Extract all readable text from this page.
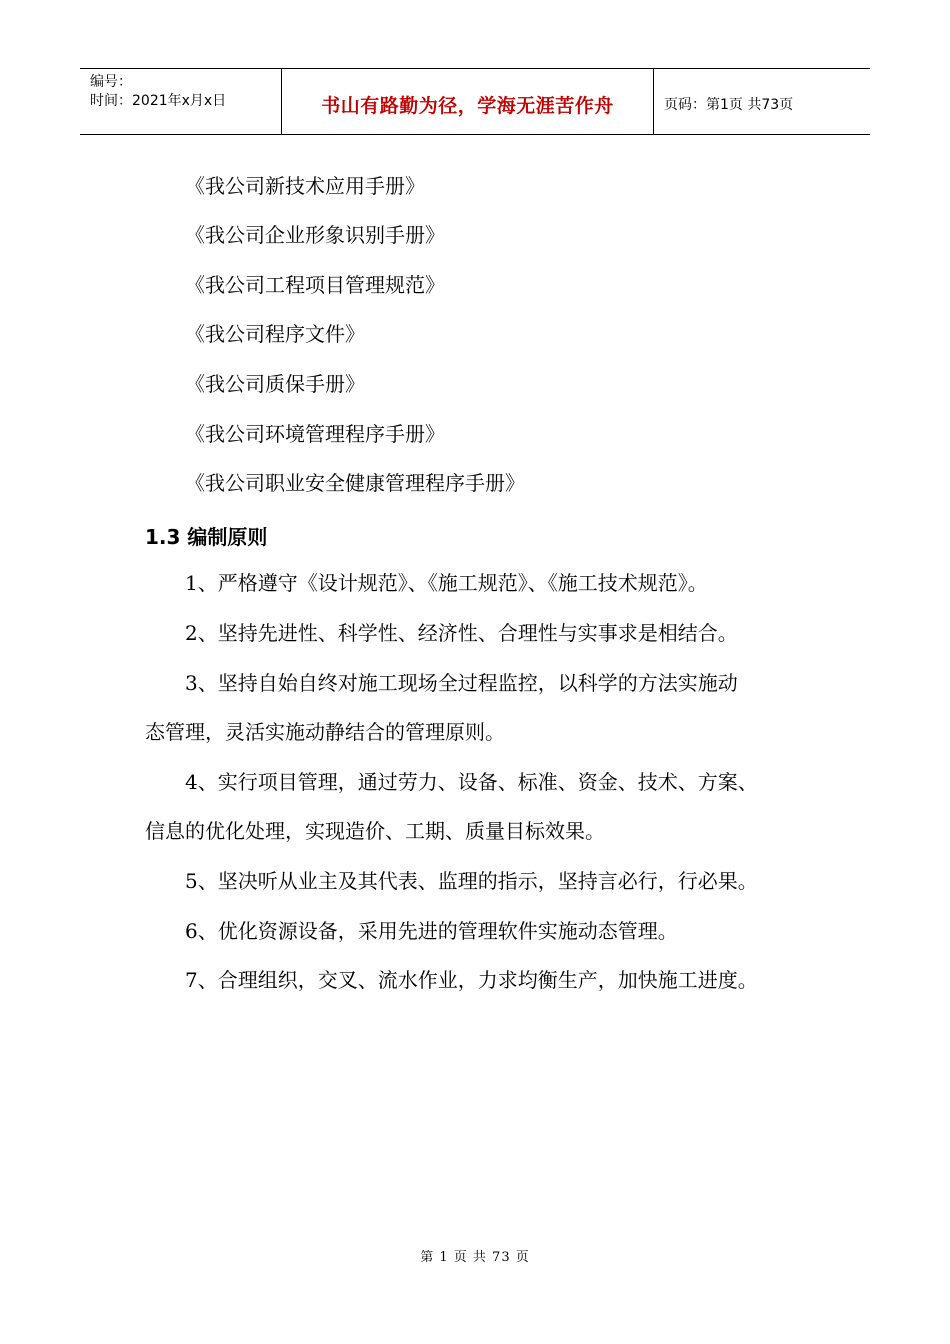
编号：
时间：2021年x月x日	书山有路勤为径，学海无涯苦作舟	页码：第1页 共73页
《我公司新技术应用手册》
《我公司企业形象识别手册》
《我公司工程项目管理规范》
《我公司程序文件》
《我公司质保手册》
《我公司环境管理程序手册》
《我公司职业安全健康管理程序手册》
1.3 编制原则
1、严格遵守《设计规范》、《施工规范》、《施工技术规范》。
2、坚持先进性、科学性、经济性、合理性与实事求是相结合。
3、坚持自始自终对施工现场全过程监控，以科学的方法实施动
态管理，灵活实施动静结合的管理原则。
4、实行项目管理，通过劳力、设备、标准、资金、技术、方案、
信息的优化处理，实现造价、工期、质量目标效果。
5、坚决听从业主及其代表、监理的指示，坚持言必行，行必果。
6、优化资源设备，采用先进的管理软件实施动态管理。
7、合理组织，交叉、流水作业，力求均衡生产，加快施工进度。
第 1 页 共 73 页
